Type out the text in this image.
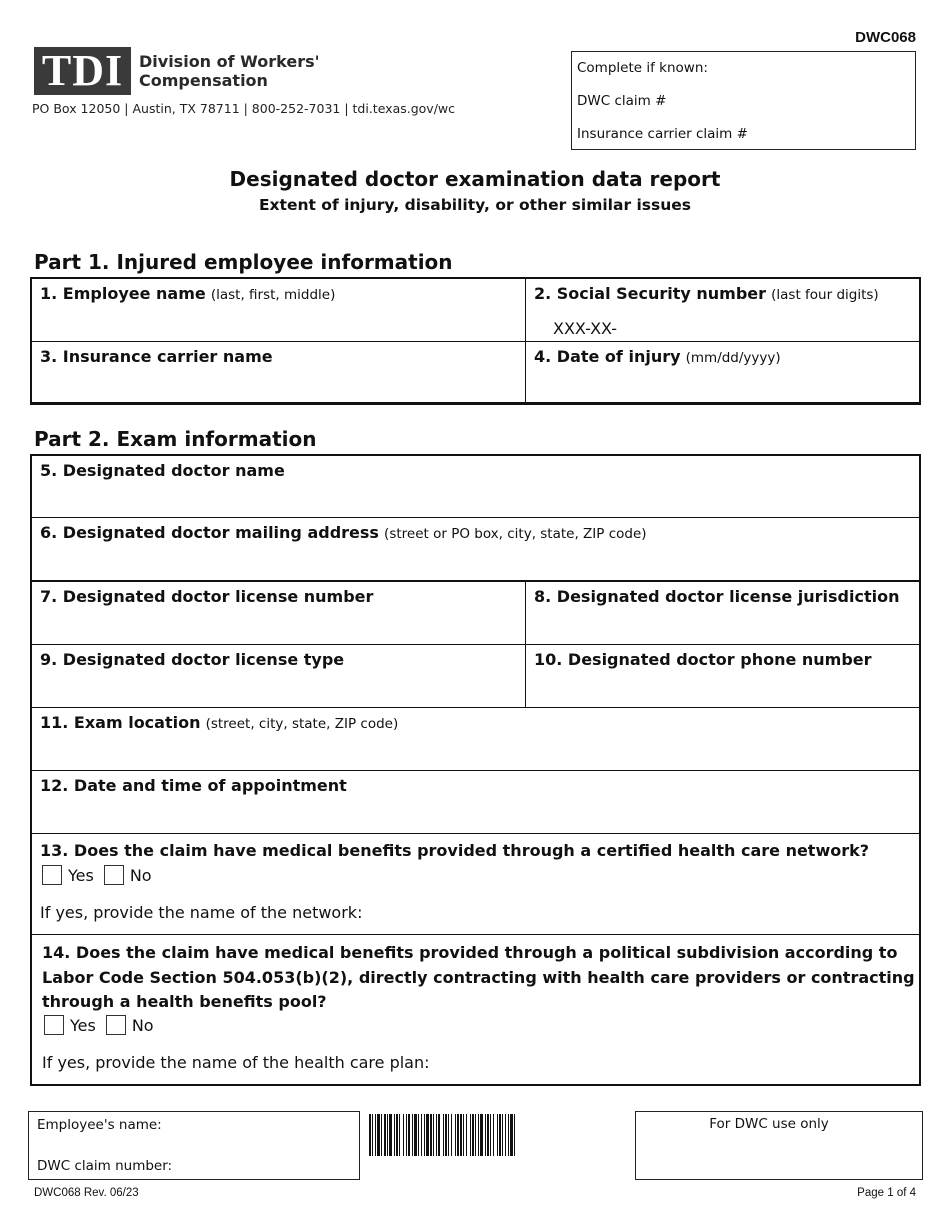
TDI Division of Workers'
Compensation
PO Box 12050 | Austin, TX 78711 | 800-252-7031 | tdi.texas.gov/wc
DWC068
Complete if known:
DWC claim #
Insurance carrier claim #
Designated doctor examination data report
Extent of injury, disability, or other similar issues
Part 1. Injured employee information
1. Employee name (last, first, middle)	2. Social Security number (last four digits)
XXX-XX-
3. Insurance carrier name	4. Date of injury (mm/dd/yyyy)
Part 2. Exam information
5. Designated doctor name
6. Designated doctor mailing address (street or PO box, city, state, ZIP code)
7. Designated doctor license number	8. Designated doctor license jurisdiction
9. Designated doctor license type	10. Designated doctor phone number
11. Exam location (street, city, state, ZIP code)
12. Date and time of appointment
13. Does the claim have medical benefits provided through a certified health care network?
Yes No
If yes, provide the name of the network:
14. Does the claim have medical benefits provided through a political subdivision according to
Labor Code Section 504.053(b)(2), directly contracting with health care providers or contracting
through a health benefits pool?
Yes No
If yes, provide the name of the health care plan:
Employee's name:
DWC claim number:
For DWC use only
DWC068 Rev. 06/23	Page 1 of 4
